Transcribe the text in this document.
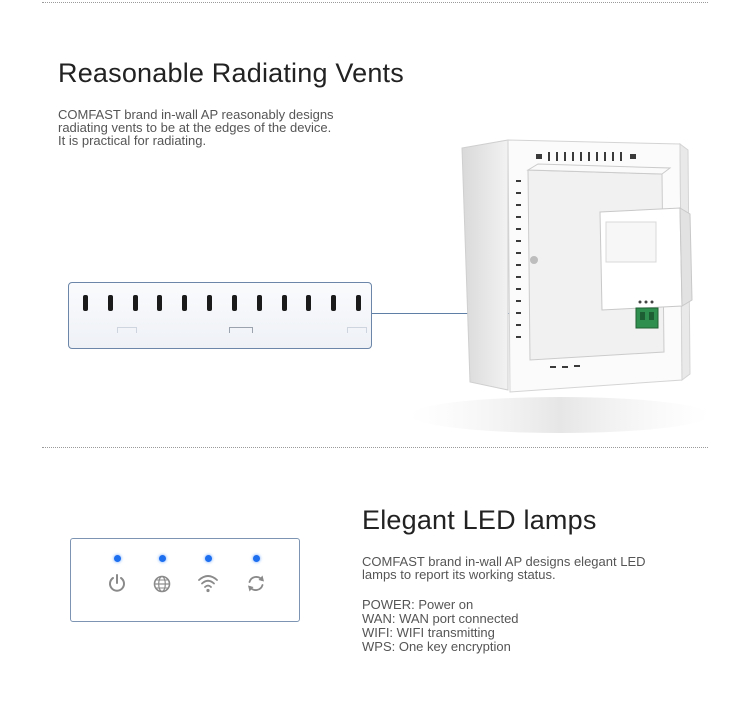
Reasonable Radiating Vents

COMFAST brand in-wall AP reasonably designs
radiating vents to be at the edges of the device.
It is practical for radiating.

Elegant LED lamps

COMFAST brand in-wall AP designs elegant LED
lamps to report its working status.

POWER: Power on
WAN: WAN port connected
WIFI: WIFI transmitting
WPS: One key encryption
